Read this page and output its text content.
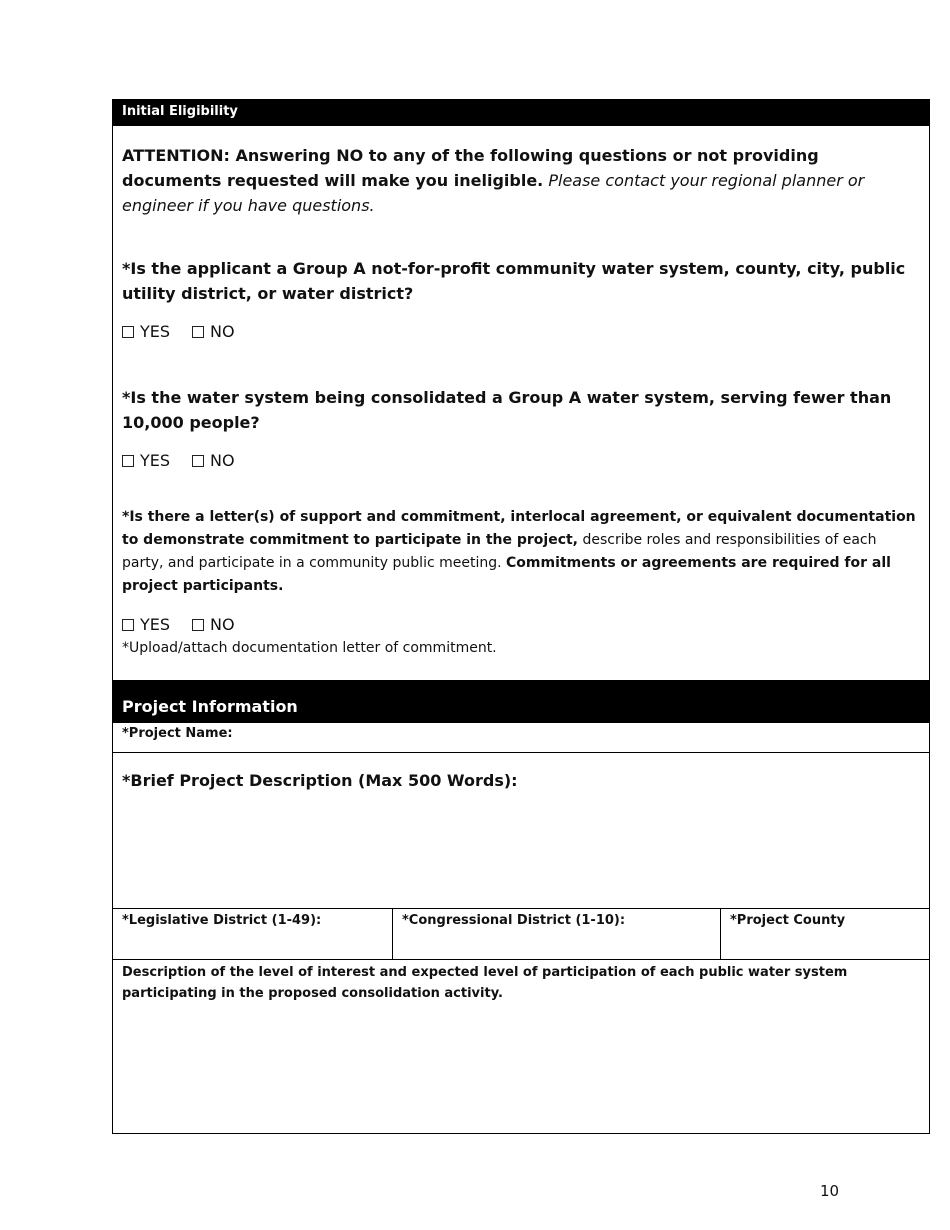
Initial Eligibility

ATTENTION: Answering NO to any of the following questions or not providing documents requested will make you ineligible. Please contact your regional planner or engineer if you have questions.

*Is the applicant a Group A not-for-profit community water system, county, city, public utility district, or water district?

YES	NO

*Is the water system being consolidated a Group A water system, serving fewer than 10,000 people?

YES	NO

*Is there a letter(s) of support and commitment, interlocal agreement, or equivalent documentation to demonstrate commitment to participate in the project, describe roles and responsibilities of each party, and participate in a community public meeting. Commitments or agreements are required for all project participants.

YES	NO

*Upload/attach documentation letter of commitment.

Project Information
*Project Name:
*Brief Project Description (Max 500 Words):
*Legislative District (1-49):	*Congressional District (1-10):	*Project County
Description of the level of interest and expected level of participation of each public water system participating in the proposed consolidation activity.
10
